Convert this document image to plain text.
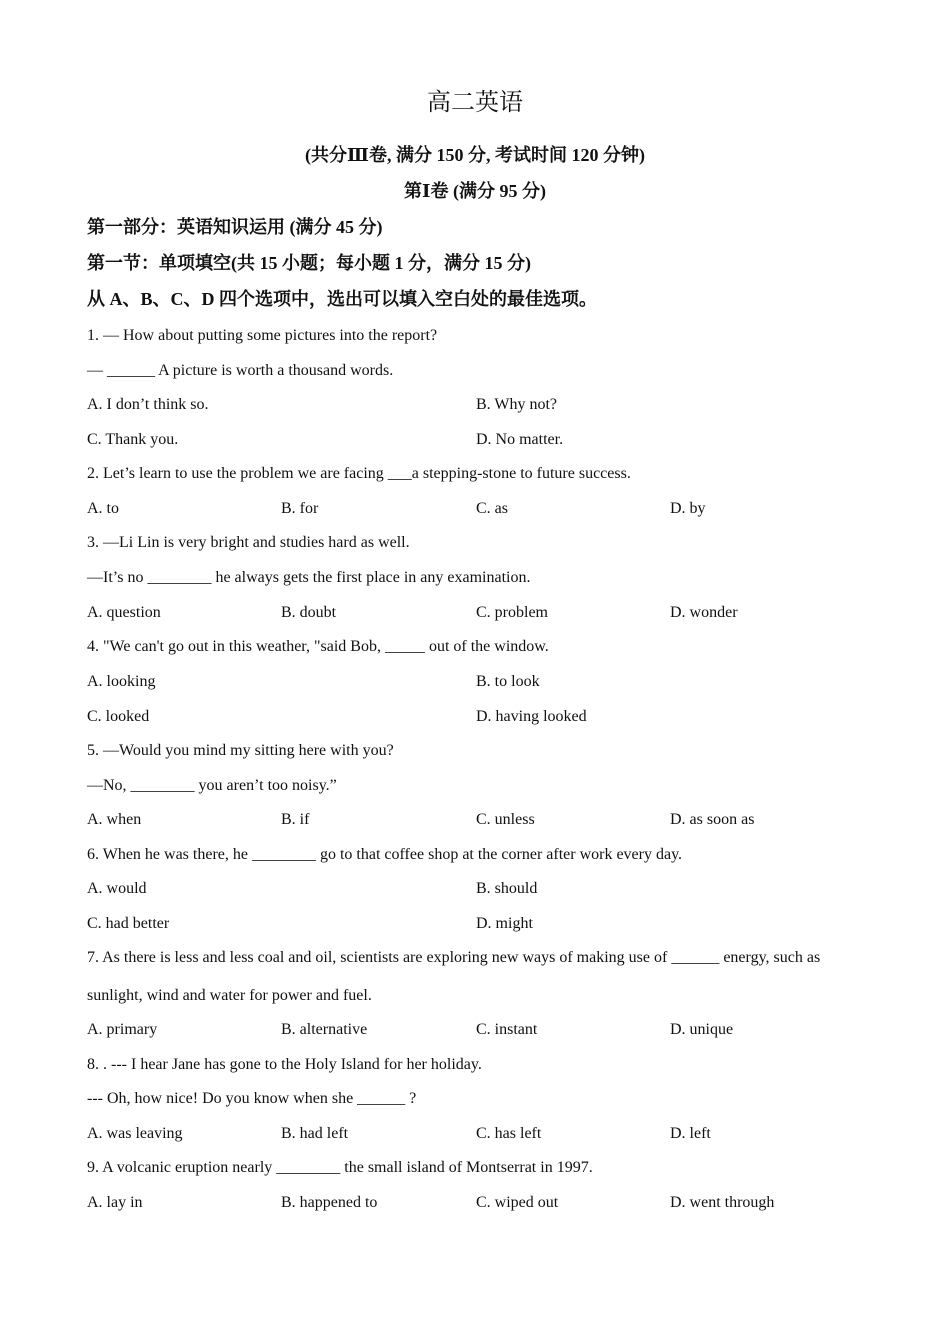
高二英语
(共分Ⅲ卷, 满分 150 分, 考试时间 120 分钟)
第Ⅰ卷 (满分 95 分)
第一部分：英语知识运用 (满分 45 分)
第一节：单项填空(共 15 小题；每小题 1 分，满分 15 分)
从 A、B、C、D 四个选项中，选出可以填入空白处的最佳选项。
1. — How about putting some pictures into the report?
— ______ A picture is worth a thousand words.
A. I don’t think so.	B. Why not?
C. Thank you.	D. No matter.
2. Let’s learn to use the problem we are facing ___a stepping-stone to future success.
A. to	B. for	C. as	D. by
3. —Li Lin is very bright and studies hard as well.
—It’s no ________ he always gets the first place in any examination.
A. question	B. doubt	C. problem	D. wonder
4. "We can't go out in this weather, "said Bob, _____ out of the window.
A. looking	B. to look
C. looked	D. having looked
5. —Would you mind my sitting here with you?
—No, ________ you aren’t too noisy.”
A. when	B. if	C. unless	D. as soon as
6. When he was there, he ________ go to that coffee shop at the corner after work every day.
A. would	B. should
C. had better	D. might
7. As there is less and less coal and oil, scientists are exploring new ways of making use of ______ energy, such as
sunlight, wind and water for power and fuel.
A. primary	B. alternative	C. instant	D. unique
8. . --- I hear Jane has gone to the Holy Island for her holiday.
--- Oh, how nice! Do you know when she ______ ?
A. was leaving	B. had left	C. has left	D. left
9. A volcanic eruption nearly ________ the small island of Montserrat in 1997.
A. lay in	B. happened to	C. wiped out	D. went through
